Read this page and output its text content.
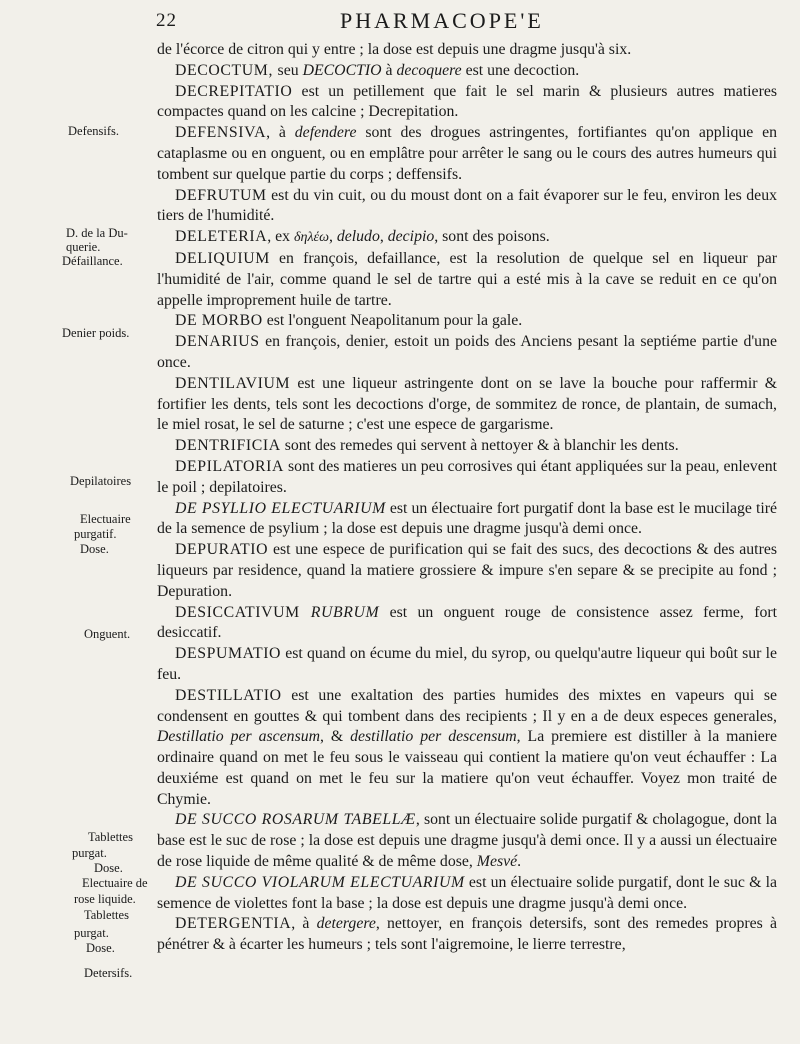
22	PHARMACOPE'E
Defensifs.
D. de la Du-
querie.
Défaillance.
Denier poids.
Depilatoires
Electuaire
purgatif.
Dose.
Onguent.
Tablettes
purgat.
Dose.
Electuaire de
rose liquide.
Tablettes
purgat.
Dose.
Detersifs.

de l'écorce de citron qui y entre ; la dose est depuis une dragme jusqu'à six.

DECOCTUM, seu DECOCTIO à decoquere est une decoction.

DECREPITATIO est un petillement que fait le sel marin & plusieurs autres matieres compactes quand on les calcine ; Decrepitation.

DEFENSIVA, à defendere sont des drogues astringentes, fortifiantes qu'on applique en cataplasme ou en onguent, ou en emplâtre pour arrêter le sang ou le cours des autres humeurs qui tombent sur quelque partie du corps ; deffensifs.

DEFRUTUM est du vin cuit, ou du moust dont on a fait évaporer sur le feu, environ les deux tiers de l'humidité.

DELETERIA, ex δηλέω, deludo, decipio, sont des poisons.

DELIQUIUM en françois, defaillance, est la resolution de quelque sel en liqueur par l'humidité de l'air, comme quand le sel de tartre qui a esté mis à la cave se reduit en ce qu'on appelle improprement huile de tartre.

DE MORBO est l'onguent Neapolitanum pour la gale.

DENARIUS en françois, denier, estoit un poids des Anciens pesant la septiéme partie d'une once.

DENTILAVIUM est une liqueur astringente dont on se lave la bouche pour raffermir & fortifier les dents, tels sont les decoctions d'orge, de sommitez de ronce, de plantain, de sumach, le miel rosat, le sel de saturne ; c'est une espece de gargarisme.

DENTRIFICIA sont des remedes qui servent à nettoyer & à blanchir les dents.

DEPILATORIA sont des matieres un peu corrosives qui étant appliquées sur la peau, enlevent le poil ; depilatoires.

DE PSYLLIO ELECTUARIUM est un électuaire fort purgatif dont la base est le mucilage tiré de la semence de psylium ; la dose est depuis une dragme jusqu'à demi once.

DEPURATIO est une espece de purification qui se fait des sucs, des decoctions & des autres liqueurs par residence, quand la matiere grossiere & impure s'en separe & se precipite au fond ; Depuration.

DESICCATIVUM RUBRUM est un onguent rouge de consistence assez ferme, fort desiccatif.

DESPUMATIO est quand on écume du miel, du syrop, ou quelqu'autre liqueur qui boût sur le feu.

DESTILLATIO est une exaltation des parties humides des mixtes en vapeurs qui se condensent en gouttes & qui tombent dans des recipients ; Il y en a de deux especes generales, Destillatio per ascensum, & destillatio per descensum, La premiere est distiller à la maniere ordinaire quand on met le feu sous le vaisseau qui contient la matiere qu'on veut échauffer : La deuxiéme est quand on met le feu sur la matiere qu'on veut échauffer. Voyez mon traité de Chymie.

DE SUCCO ROSARUM TABELLÆ, sont un électuaire solide purgatif & cholagogue, dont la base est le suc de rose ; la dose est depuis une dragme jusqu'à demi once. Il y a aussi un électuaire de rose liquide de même qualité & de même dose, Mesvé.

DE SUCCO VIOLARUM ELECTUARIUM est un électuaire solide purgatif, dont le suc & la semence de violettes font la base ; la dose est depuis une dragme jusqu'à demi once.

DETERGENTIA, à detergere, nettoyer, en françois detersifs, sont des remedes propres à pénétrer & à écarter les humeurs ; tels sont l'aigremoine, le lierre terrestre,
